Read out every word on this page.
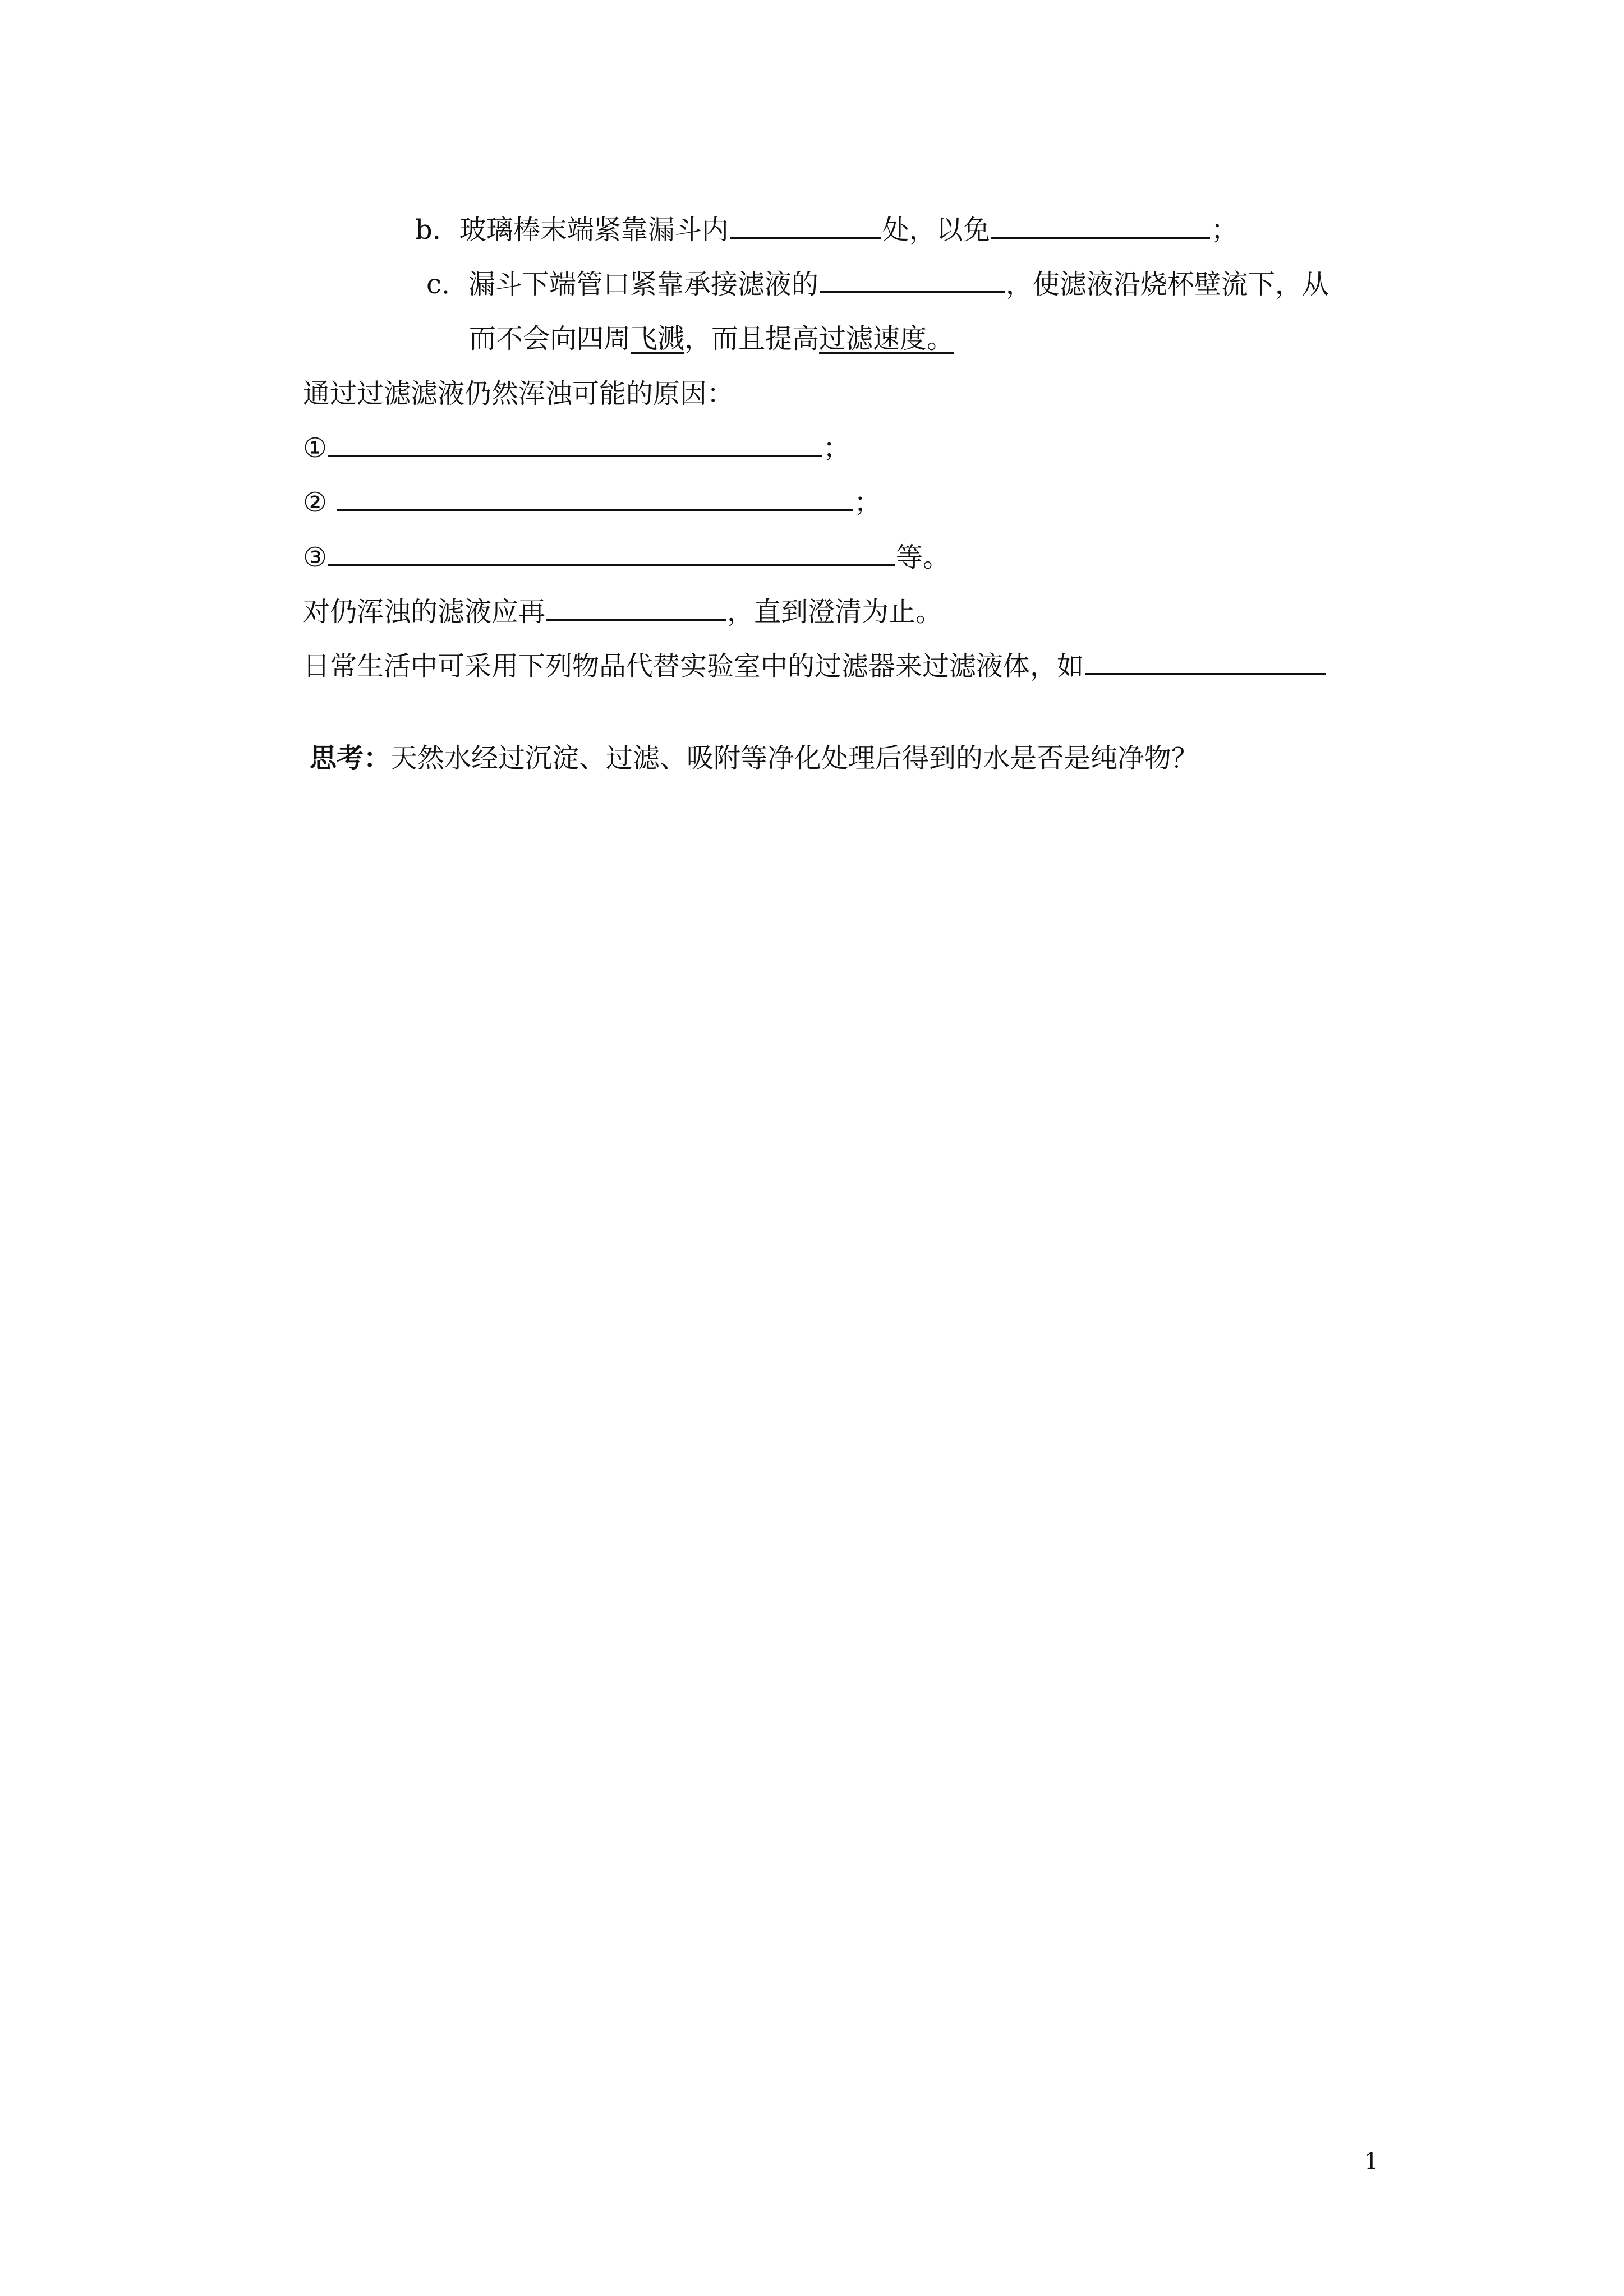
b．玻璃棒末端紧靠漏斗内	处，以免	；
c．漏斗下端管口紧靠承接滤液的	，使滤液沿烧杯壁流下，从
而不会向四周飞溅，而且提高过滤速度。
通过过滤滤液仍然浑浊可能的原因：
①	；
②	；
③	等。
对仍浑浊的滤液应再	，直到澄清为止。
日常生活中可采用下列物品代替实验室中的过滤器来过滤液体，如
思考：天然水经过沉淀、过滤、吸附等净化处理后得到的水是否是纯净物？
1
